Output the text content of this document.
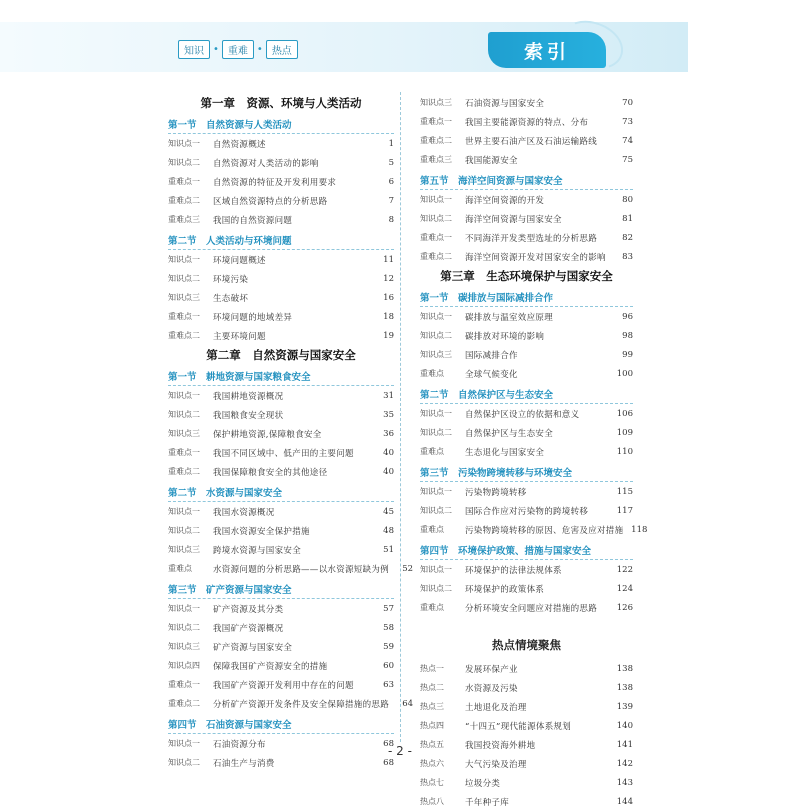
知识 • 重难 • 热点	索引
第一章　资源、环境与人类活动
第一节　自然资源与人类活动
知识点一	自然资源概述	1
知识点二	自然资源对人类活动的影响	5
重难点一	自然资源的特征及开发利用要求	6
重难点二	区域自然资源特点的分析思路	7
重难点三	我国的自然资源问题	8
第二节　人类活动与环境问题
知识点一	环境问题概述	11
知识点二	环境污染	12
知识点三	生态破坏	16
重难点一	环境问题的地域差异	18
重难点二	主要环境问题	19
第二章　自然资源与国家安全
第一节　耕地资源与国家粮食安全
知识点一	我国耕地资源概况	31
知识点二	我国粮食安全现状	35
知识点三	保护耕地资源,保障粮食安全	36
重难点一	我国不同区域中、低产田的主要问题	40
重难点二	我国保障粮食安全的其他途径	40
第二节　水资源与国家安全
知识点一	我国水资源概况	45
知识点二	我国水资源安全保护措施	48
知识点三	跨境水资源与国家安全	51
重难点	水资源问题的分析思路——以水资源短缺为例	52
第三节　矿产资源与国家安全
知识点一	矿产资源及其分类	57
知识点二	我国矿产资源概况	58
知识点三	矿产资源与国家安全	59
知识点四	保障我国矿产资源安全的措施	60
重难点一	我国矿产资源开发利用中存在的问题	63
重难点二	分析矿产资源开发条件及安全保障措施的思路	64
第四节　石油资源与国家安全
知识点一	石油资源分布	68
知识点二	石油生产与消费	68
知识点三	石油资源与国家安全	70
重难点一	我国主要能源资源的特点、分布	73
重难点二	世界主要石油产区及石油运输路线	74
重难点三	我国能源安全	75
第五节　海洋空间资源与国家安全
知识点一	海洋空间资源的开发	80
知识点二	海洋空间资源与国家安全	81
重难点一	不同海洋开发类型选址的分析思路	82
重难点二	海洋空间资源开发对国家安全的影响	83
第三章　生态环境保护与国家安全
第一节　碳排放与国际减排合作
知识点一	碳排放与温室效应原理	96
知识点二	碳排放对环境的影响	98
知识点三	国际减排合作	99
重难点	全球气候变化	100
第二节　自然保护区与生态安全
知识点一	自然保护区设立的依据和意义	106
知识点二	自然保护区与生态安全	109
重难点	生态退化与国家安全	110
第三节　污染物跨境转移与环境安全
知识点一	污染物跨境转移	115
知识点二	国际合作应对污染物的跨境转移	117
重难点	污染物跨境转移的原因、危害及应对措施 118
第四节　环境保护政策、措施与国家安全
知识点一	环境保护的法律法规体系	122
知识点二	环境保护的政策体系	124
重难点	分析环境安全问题应对措施的思路	126
热点情境聚焦
热点一	发展环保产业	138
热点二	水资源及污染	138
热点三	土地退化及治理	139
热点四	“十四五”现代能源体系规划	140
热点五	我国投资海外耕地	141
热点六	大气污染及治理	142
热点七	垃圾分类	143
热点八	千年种子库	144
- 2 -
